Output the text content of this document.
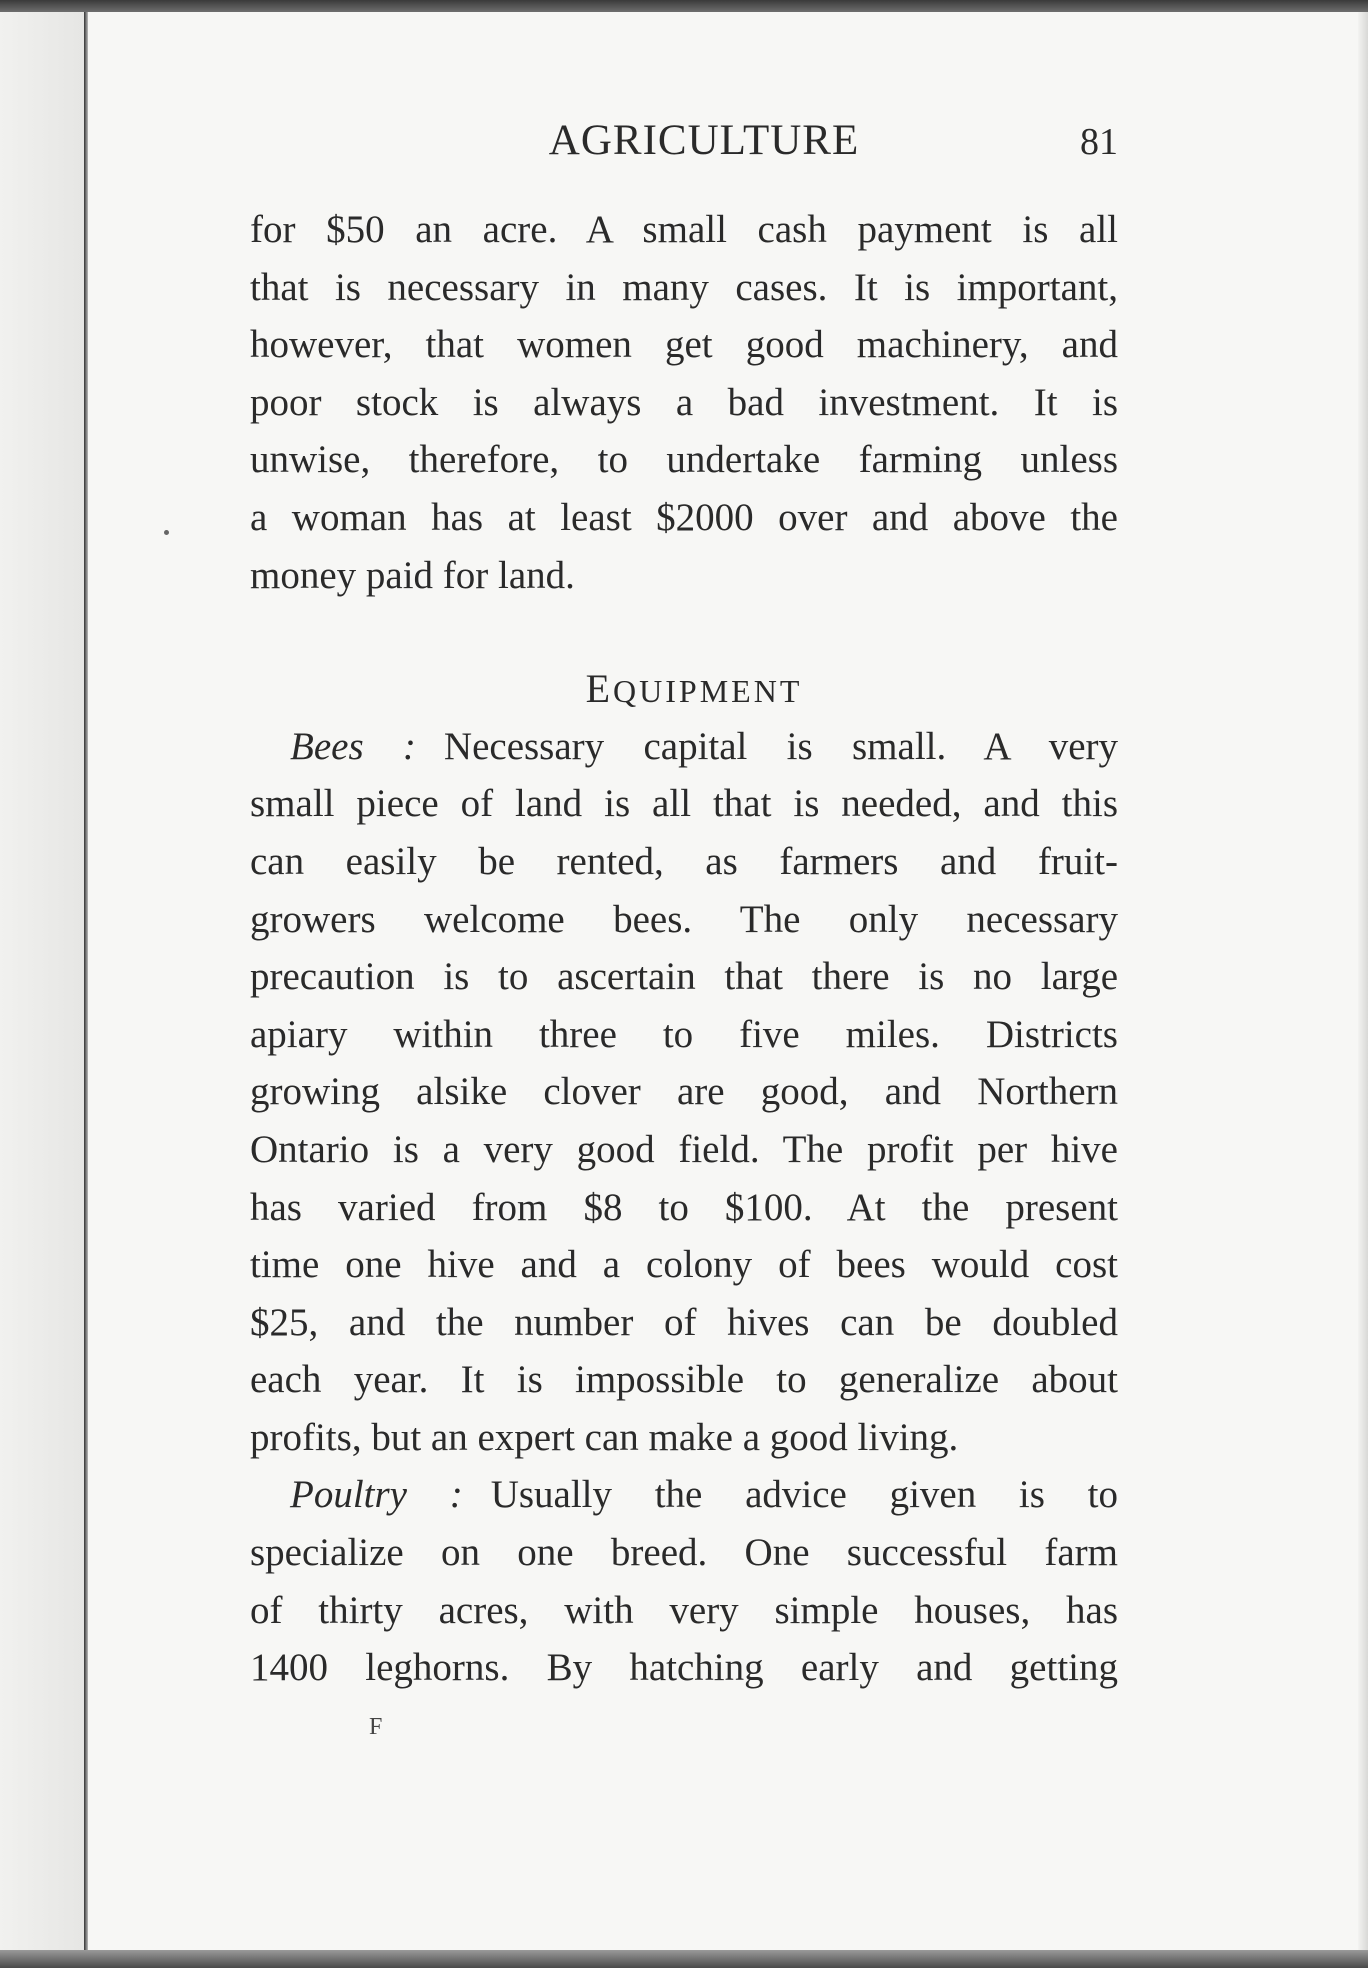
AGRICULTURE	81
for $50 an acre. A small cash payment is all
that is necessary in many cases. It is important,
however, that women get good machinery, and
poor stock is always a bad investment. It is
unwise, therefore, to undertake farming unless
a woman has at least $2000 over and above the
money paid for land.
EQUIPMENT
Bees : Necessary capital is small. A very
small piece of land is all that is needed, and this
can easily be rented, as farmers and fruit-
growers welcome bees. The only necessary
precaution is to ascertain that there is no large
apiary within three to five miles. Districts
growing alsike clover are good, and Northern
Ontario is a very good field. The profit per hive
has varied from $8 to $100. At the present
time one hive and a colony of bees would cost
$25, and the number of hives can be doubled
each year. It is impossible to generalize about
profits, but an expert can make a good living.
Poultry : Usually the advice given is to
specialize on one breed. One successful farm
of thirty acres, with very simple houses, has
1400 leghorns. By hatching early and getting
F
